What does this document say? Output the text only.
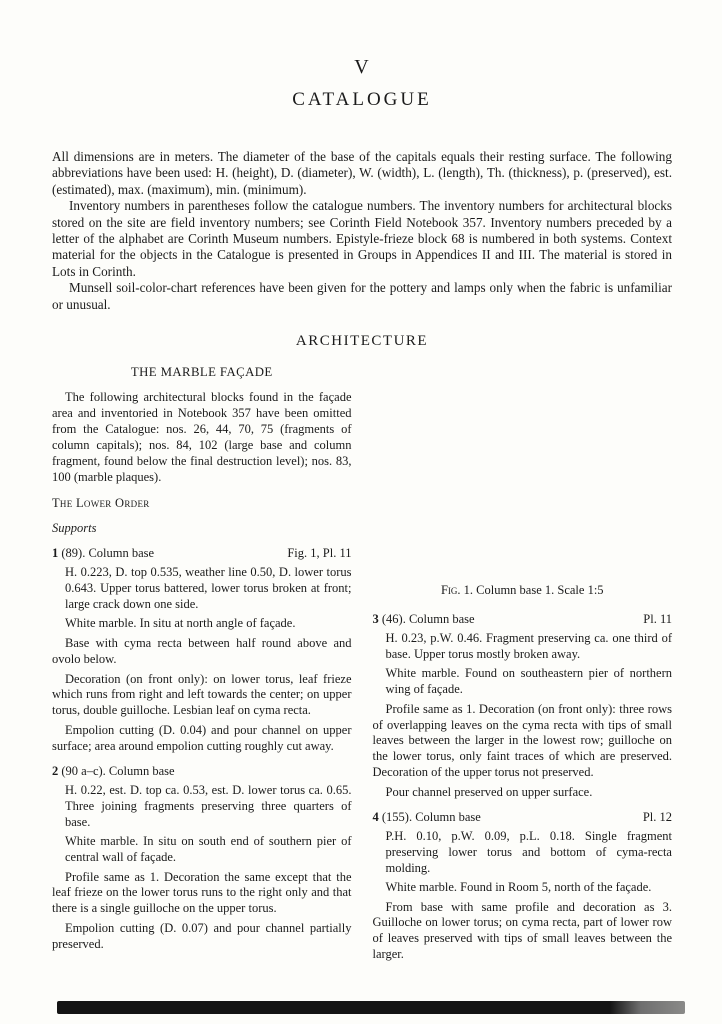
V
CATALOGUE

All dimensions are in meters. The diameter of the base of the capitals equals their resting surface. The following abbreviations have been used: H. (height), D. (diameter), W. (width), L. (length), Th. (thickness), p. (preserved), est. (estimated), max. (maximum), min. (minimum).

Inventory numbers in parentheses follow the catalogue numbers. The inventory numbers for architectural blocks stored on the site are field inventory numbers; see Corinth Field Notebook 357. Inventory numbers preceded by a letter of the alphabet are Corinth Museum numbers. Epistyle-frieze block 68 is numbered in both systems. Context material for the objects in the Catalogue is presented in Groups in Appendices II and III. The material is stored in Lots in Corinth.

Munsell soil-color-chart references have been given for the pottery and lamps only when the fabric is unfamiliar or unusual.

ARCHITECTURE
THE MARBLE FAÇADE

The following architectural blocks found in the façade area and inventoried in Notebook 357 have been omitted from the Catalogue: nos. 26, 44, 70, 75 (fragments of column capitals); nos. 84, 102 (large base and column fragment, found below the final destruction level); nos. 83, 100 (marble plaques).

The Lower Order
Supports
1 (89). Column base	Fig. 1, Pl. 11

H. 0.223, D. top 0.535, weather line 0.50, D. lower torus 0.643. Upper torus battered, lower torus broken at front; large crack down one side.

White marble. In situ at north angle of façade.

Base with cyma recta between half round above and ovolo below.

Decoration (on front only): on lower torus, leaf frieze which runs from right and left towards the center; on upper torus, double guilloche. Lesbian leaf on cyma recta.

Empolion cutting (D. 0.04) and pour channel on upper surface; area around empolion cutting roughly cut away.

2 (90 a–c). Column base

H. 0.22, est. D. top ca. 0.53, est. D. lower torus ca. 0.65. Three joining fragments preserving three quarters of base.

White marble. In situ on south end of southern pier of central wall of façade.

Profile same as 1. Decoration the same except that the leaf frieze on the lower torus runs to the right only and that there is a single guilloche on the upper torus.

Empolion cutting (D. 0.07) and pour channel partially preserved.

Fig. 1. Column base 1. Scale 1:5
3 (46). Column base	Pl. 11

H. 0.23, p.W. 0.46. Fragment preserving ca. one third of base. Upper torus mostly broken away.

White marble. Found on southeastern pier of northern wing of façade.

Profile same as 1. Decoration (on front only): three rows of overlapping leaves on the cyma recta with tips of small leaves between the larger in the lowest row; guilloche on the lower torus, only faint traces of which are preserved. Decoration of the upper torus not preserved.

Pour channel preserved on upper surface.

4 (155). Column base	Pl. 12

P.H. 0.10, p.W. 0.09, p.L. 0.18. Single fragment preserving lower torus and bottom of cyma-recta molding.

White marble. Found in Room 5, north of the façade.

From base with same profile and decoration as 3. Guilloche on lower torus; on cyma recta, part of lower row of leaves preserved with tips of small leaves between the larger.
